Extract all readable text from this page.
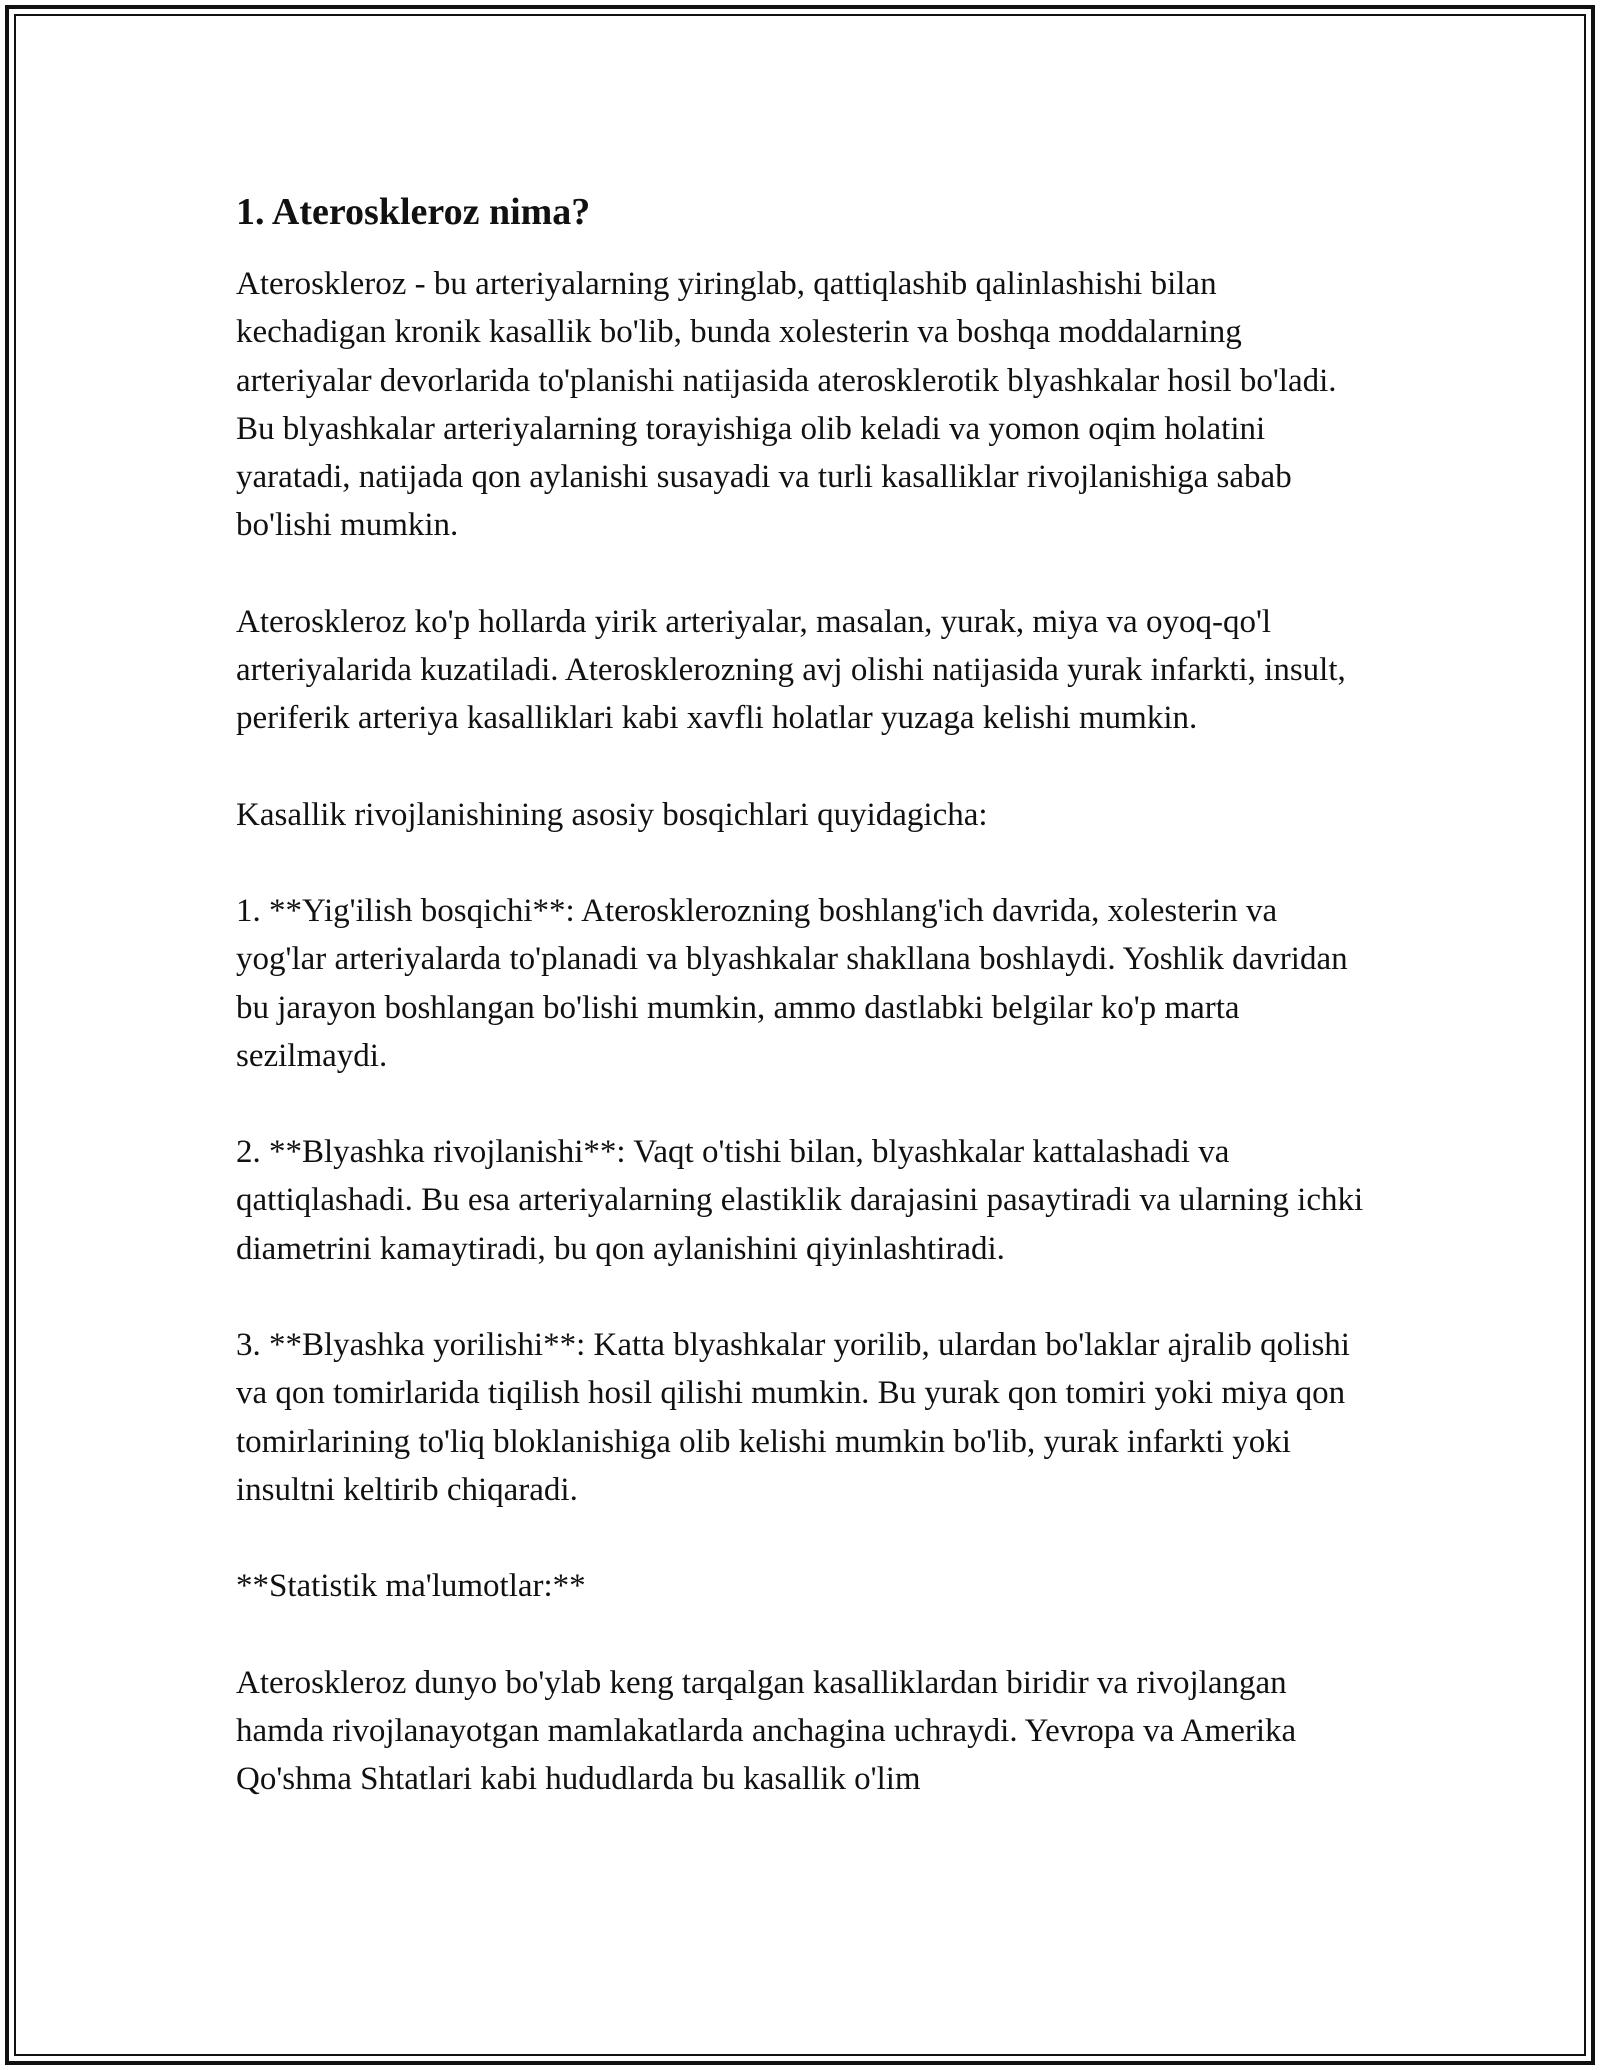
1. Ateroskleroz nima?

Ateroskleroz - bu arteriyalarning yiringlab, qattiqlashib qalinlashishi bilan kechadigan kronik kasallik bo'lib, bunda xolesterin va boshqa moddalarning arteriyalar devorlarida to'planishi natijasida aterosklerotik blyashkalar hosil bo'ladi. Bu blyashkalar arteriyalarning torayishiga olib keladi va yomon oqim holatini yaratadi, natijada qon aylanishi susayadi va turli kasalliklar rivojlanishiga sabab bo'lishi mumkin.

Ateroskleroz ko'p hollarda yirik arteriyalar, masalan, yurak, miya va oyoq-qo'l arteriyalarida kuzatiladi. Aterosklerozning avj olishi natijasida yurak infarkti, insult, periferik arteriya kasalliklari kabi xavfli holatlar yuzaga kelishi mumkin.

Kasallik rivojlanishining asosiy bosqichlari quyidagicha:

1. **Yig'ilish bosqichi**: Aterosklerozning boshlang'ich davrida, xolesterin va yog'lar arteriyalarda to'planadi va blyashkalar shakllana boshlaydi. Yoshlik davridan bu jarayon boshlangan bo'lishi mumkin, ammo dastlabki belgilar ko'p marta sezilmaydi.

2. **Blyashka rivojlanishi**: Vaqt o'tishi bilan, blyashkalar kattalashadi va qattiqlashadi. Bu esa arteriyalarning elastiklik darajasini pasaytiradi va ularning ichki diametrini kamaytiradi, bu qon aylanishini qiyinlashtiradi.

3. **Blyashka yorilishi**: Katta blyashkalar yorilib, ulardan bo'laklar ajralib qolishi va qon tomirlarida tiqilish hosil qilishi mumkin. Bu yurak qon tomiri yoki miya qon tomirlarining to'liq bloklanishiga olib kelishi mumkin bo'lib, yurak infarkti yoki insultni keltirib chiqaradi.

**Statistik ma'lumotlar:**

Ateroskleroz dunyo bo'ylab keng tarqalgan kasalliklardan biridir va rivojlangan hamda rivojlanayotgan mamlakatlarda anchagina uchraydi. Yevropa va Amerika Qo'shma Shtatlari kabi hududlarda bu kasallik o'lim
